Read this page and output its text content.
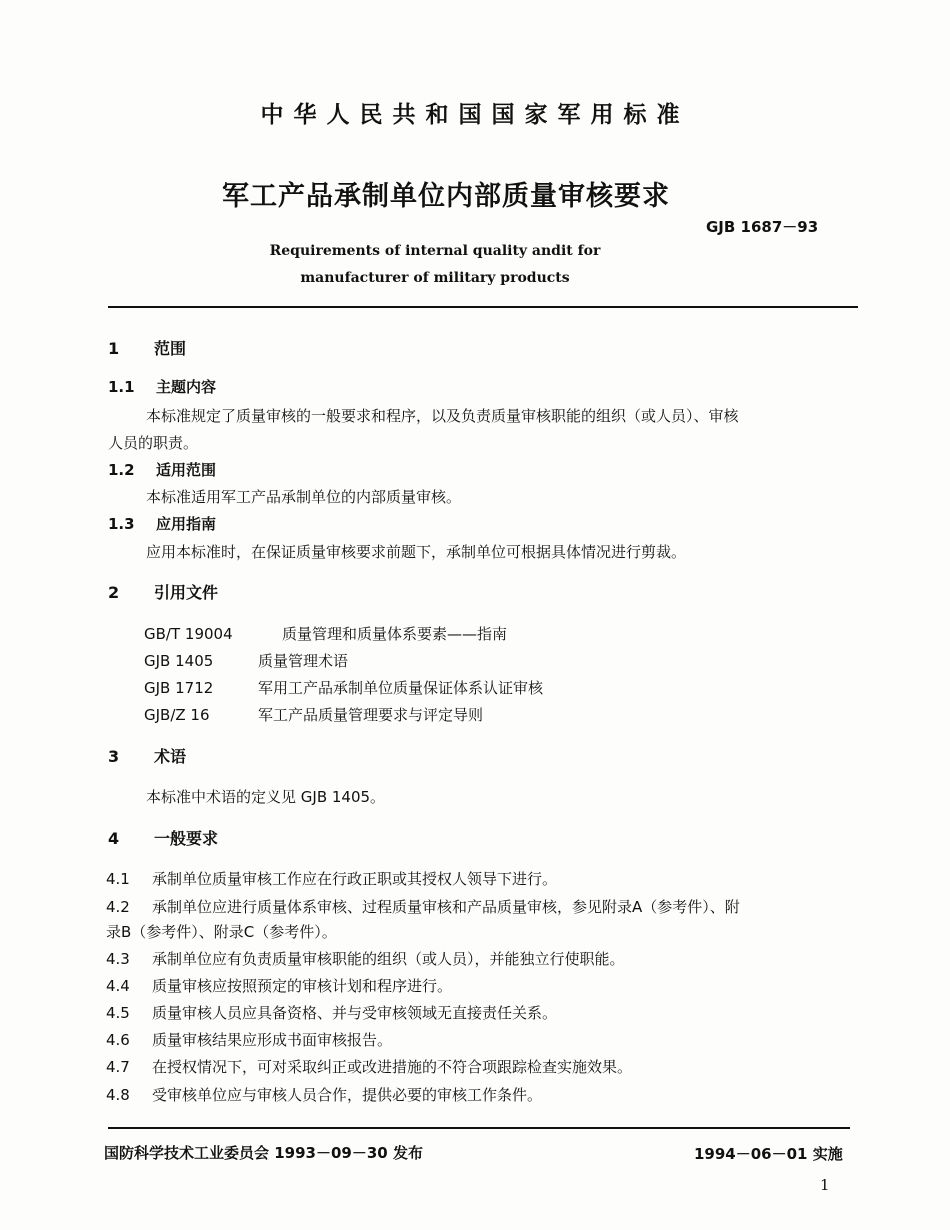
中华人民共和国国家军用标准
军工产品承制单位内部质量审核要求
GJB 1687－93
Requirements of internal quality andit for
manufacturer of military products
1 范围
1.1 主题内容
本标准规定了质量审核的一般要求和程序，以及负责质量审核职能的组织（或人员）、审核
人员的职责。
1.2 适用范围
本标准适用军工产品承制单位的内部质量审核。
1.3 应用指南
应用本标准时，在保证质量审核要求前题下，承制单位可根据具体情况进行剪裁。
2 引用文件
GB/T 19004	质量管理和质量体系要素——指南
GJB 1405	质量管理术语
GJB 1712	军用工产品承制单位质量保证体系认证审核
GJB/Z 16	军工产品质量管理要求与评定导则
3 术语
本标准中术语的定义见 GJB 1405。
4 一般要求
4.1 承制单位质量审核工作应在行政正职或其授权人领导下进行。
4.2 承制单位应进行质量体系审核、过程质量审核和产品质量审核，参见附录A（参考件）、附
录B（参考件）、附录C（参考件）。
4.3 承制单位应有负责质量审核职能的组织（或人员），并能独立行使职能。
4.4 质量审核应按照预定的审核计划和程序进行。
4.5 质量审核人员应具备资格、并与受审核领域无直接责任关系。
4.6 质量审核结果应形成书面审核报告。
4.7 在授权情况下，可对采取纠正或改进措施的不符合项跟踪检查实施效果。
4.8 受审核单位应与审核人员合作，提供必要的审核工作条件。
国防科学技术工业委员会 1993－09－30 发布	1994－06－01 实施
1
